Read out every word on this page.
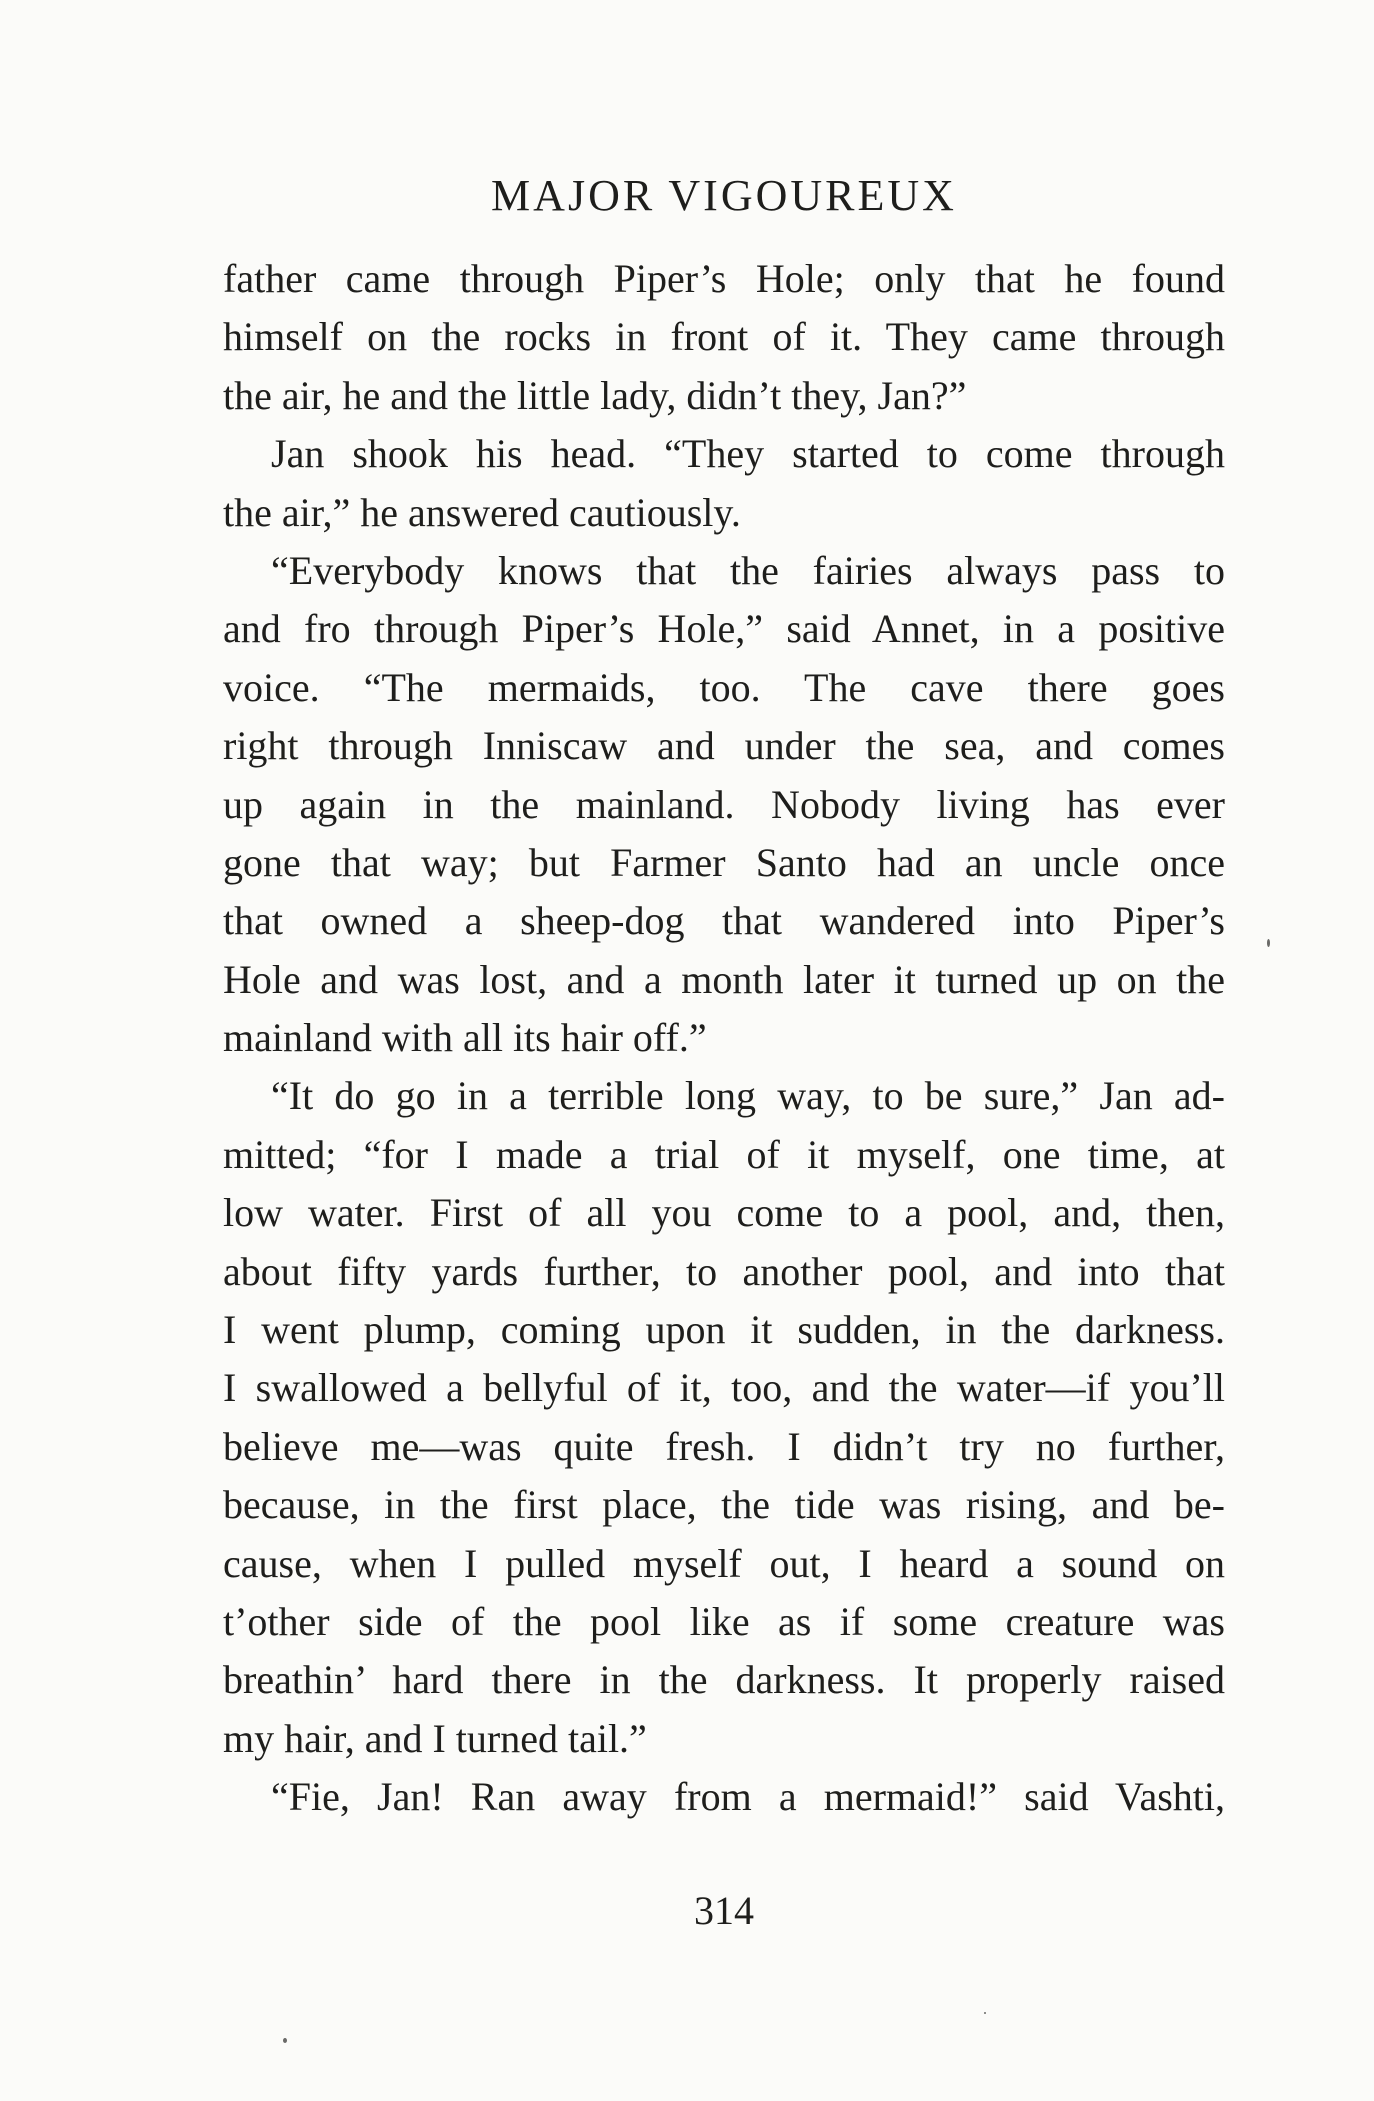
MAJOR VIGOUREUX
father came through Piper’s Hole; only that he found
himself on the rocks in front of it. They came through
the air, he and the little lady, didn’t they, Jan?”
Jan shook his head. “They started to come through
the air,” he answered cautiously.
“Everybody knows that the fairies always pass to
and fro through Piper’s Hole,” said Annet, in a positive
voice. “The mermaids, too. The cave there goes
right through Inniscaw and under the sea, and comes
up again in the mainland. Nobody living has ever
gone that way; but Farmer Santo had an uncle once
that owned a sheep-dog that wandered into Piper’s
Hole and was lost, and a month later it turned up on the
mainland with all its hair off.”
“It do go in a terrible long way, to be sure,” Jan ad-
mitted; “for I made a trial of it myself, one time, at
low water. First of all you come to a pool, and, then,
about fifty yards further, to another pool, and into that
I went plump, coming upon it sudden, in the darkness.
I swallowed a bellyful of it, too, and the water—if you’ll
believe me—was quite fresh. I didn’t try no further,
because, in the first place, the tide was rising, and be-
cause, when I pulled myself out, I heard a sound on
t’other side of the pool like as if some creature was
breathin’ hard there in the darkness. It properly raised
my hair, and I turned tail.”
“Fie, Jan! Ran away from a mermaid!” said Vashti,
314
